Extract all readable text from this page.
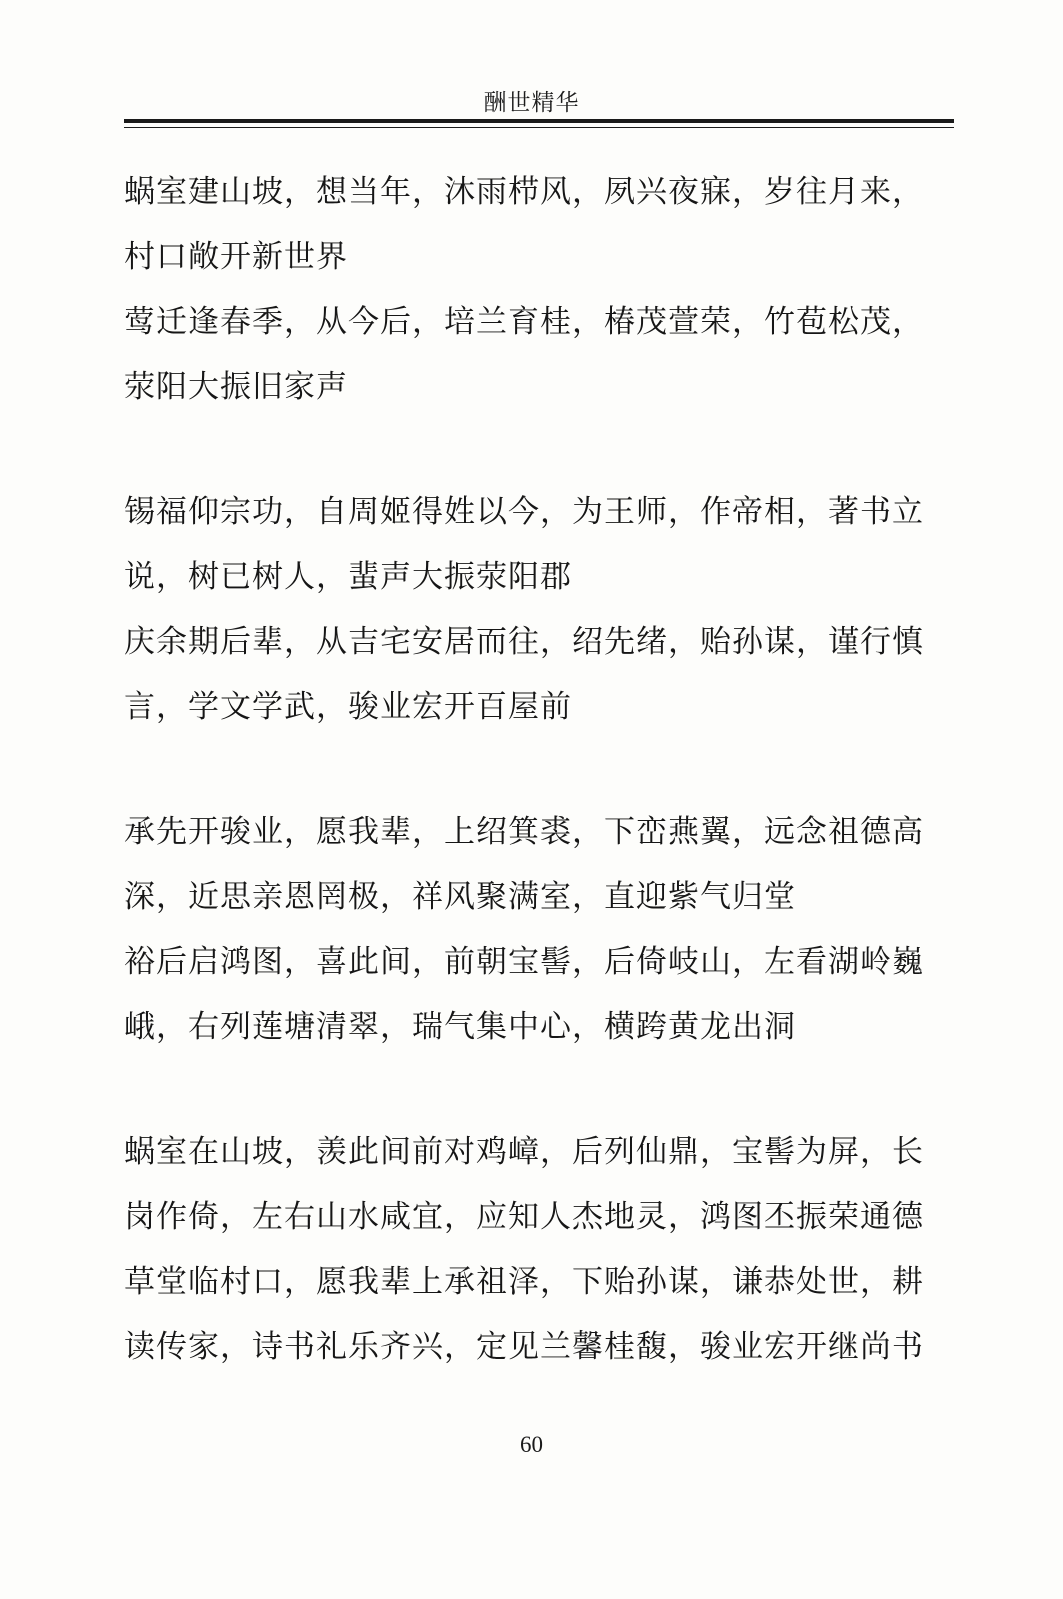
酬世精华
蜗室建山坡，想当年，沐雨栉风，夙兴夜寐，岁往月来，村口敞开新世界
莺迁逢春季，从今后，培兰育桂，椿茂萱荣，竹苞松茂，荥阳大振旧家声
锡福仰宗功，自周姬得姓以今，为王师，作帝相，著书立说，树已树人，蜚声大振荥阳郡
庆余期后辈，从吉宅安居而往，绍先绪，贻孙谋，谨行慎言，学文学武，骏业宏开百屋前
承先开骏业，愿我辈，上绍箕裘，下峦燕翼，远念祖德高深，近思亲恩罔极，祥风聚满室，直迎紫气归堂
裕后启鸿图，喜此间，前朝宝髻，后倚岐山，左看湖岭巍峨，右列莲塘清翠，瑞气集中心，横跨黄龙出洞
蜗室在山坡，羡此间前对鸡嶂，后列仙鼎，宝髻为屏，长岗作倚，左右山水咸宜，应知人杰地灵，鸿图丕振荣通德
草堂临村口，愿我辈上承祖泽，下贻孙谋，谦恭处世，耕读传家，诗书礼乐齐兴，定见兰馨桂馥，骏业宏开继尚书
60
